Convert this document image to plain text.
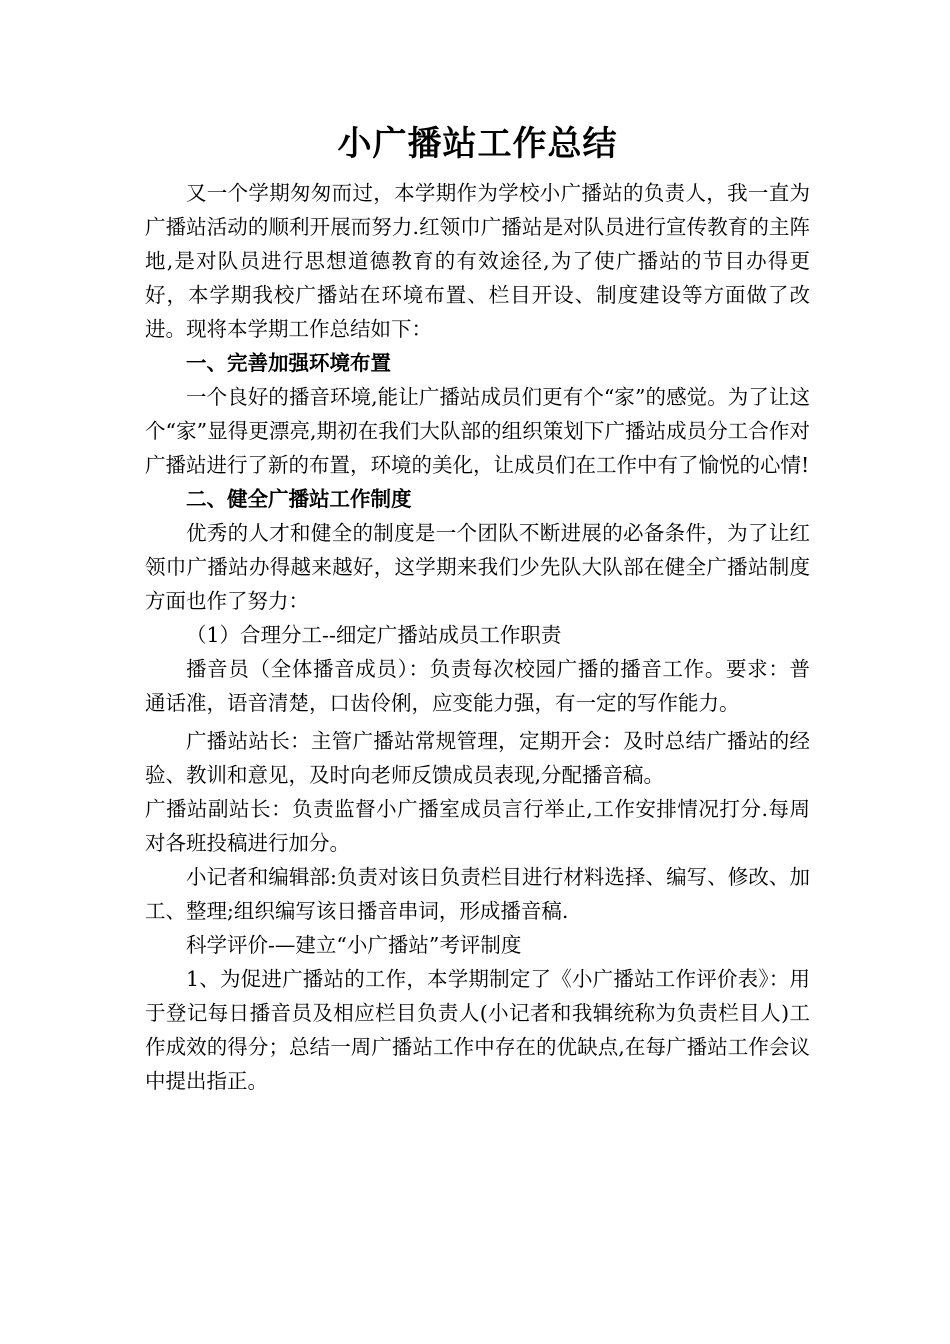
小广播站工作总结

又一个学期匆匆而过，本学期作为学校小广播站的负责人，我一直为广播站活动的顺利开展而努力.红领巾广播站是对队员进行宣传教育的主阵地,是对队员进行思想道德教育的有效途径,为了使广播站的节目办得更好，本学期我校广播站在环境布置、栏目开设、制度建设等方面做了改进。现将本学期工作总结如下：

一、完善加强环境布置

一个良好的播音环境,能让广播站成员们更有个“家”的感觉。为了让这个“家”显得更漂亮,期初在我们大队部的组织策划下广播站成员分工合作对广播站进行了新的布置，环境的美化，让成员们在工作中有了愉悦的心情!

二、健全广播站工作制度

优秀的人才和健全的制度是一个团队不断进展的必备条件，为了让红领巾广播站办得越来越好，这学期来我们少先队大队部在健全广播站制度方面也作了努力：

（1）合理分工--细定广播站成员工作职责

播音员（全体播音成员）：负责每次校园广播的播音工作。要求：普通话准，语音清楚，口齿伶俐，应变能力强，有一定的写作能力。

广播站站长：主管广播站常规管理，定期开会：及时总结广播站的经验、教训和意见，及时向老师反馈成员表现,分配播音稿。

广播站副站长：负责监督小广播室成员言行举止,工作安排情况打分.每周对各班投稿进行加分。

小记者和编辑部:负责对该日负责栏目进行材料选择、编写、修改、加工、整理;组织编写该日播音串词，形成播音稿.

科学评价-—建立“小广播站”考评制度

1、为促进广播站的工作，本学期制定了《小广播站工作评价表》：用于登记每日播音员及相应栏目负责人(小记者和我辑统称为负责栏目人)工作成效的得分；总结一周广播站工作中存在的优缺点,在每广播站工作会议中提出指正。
